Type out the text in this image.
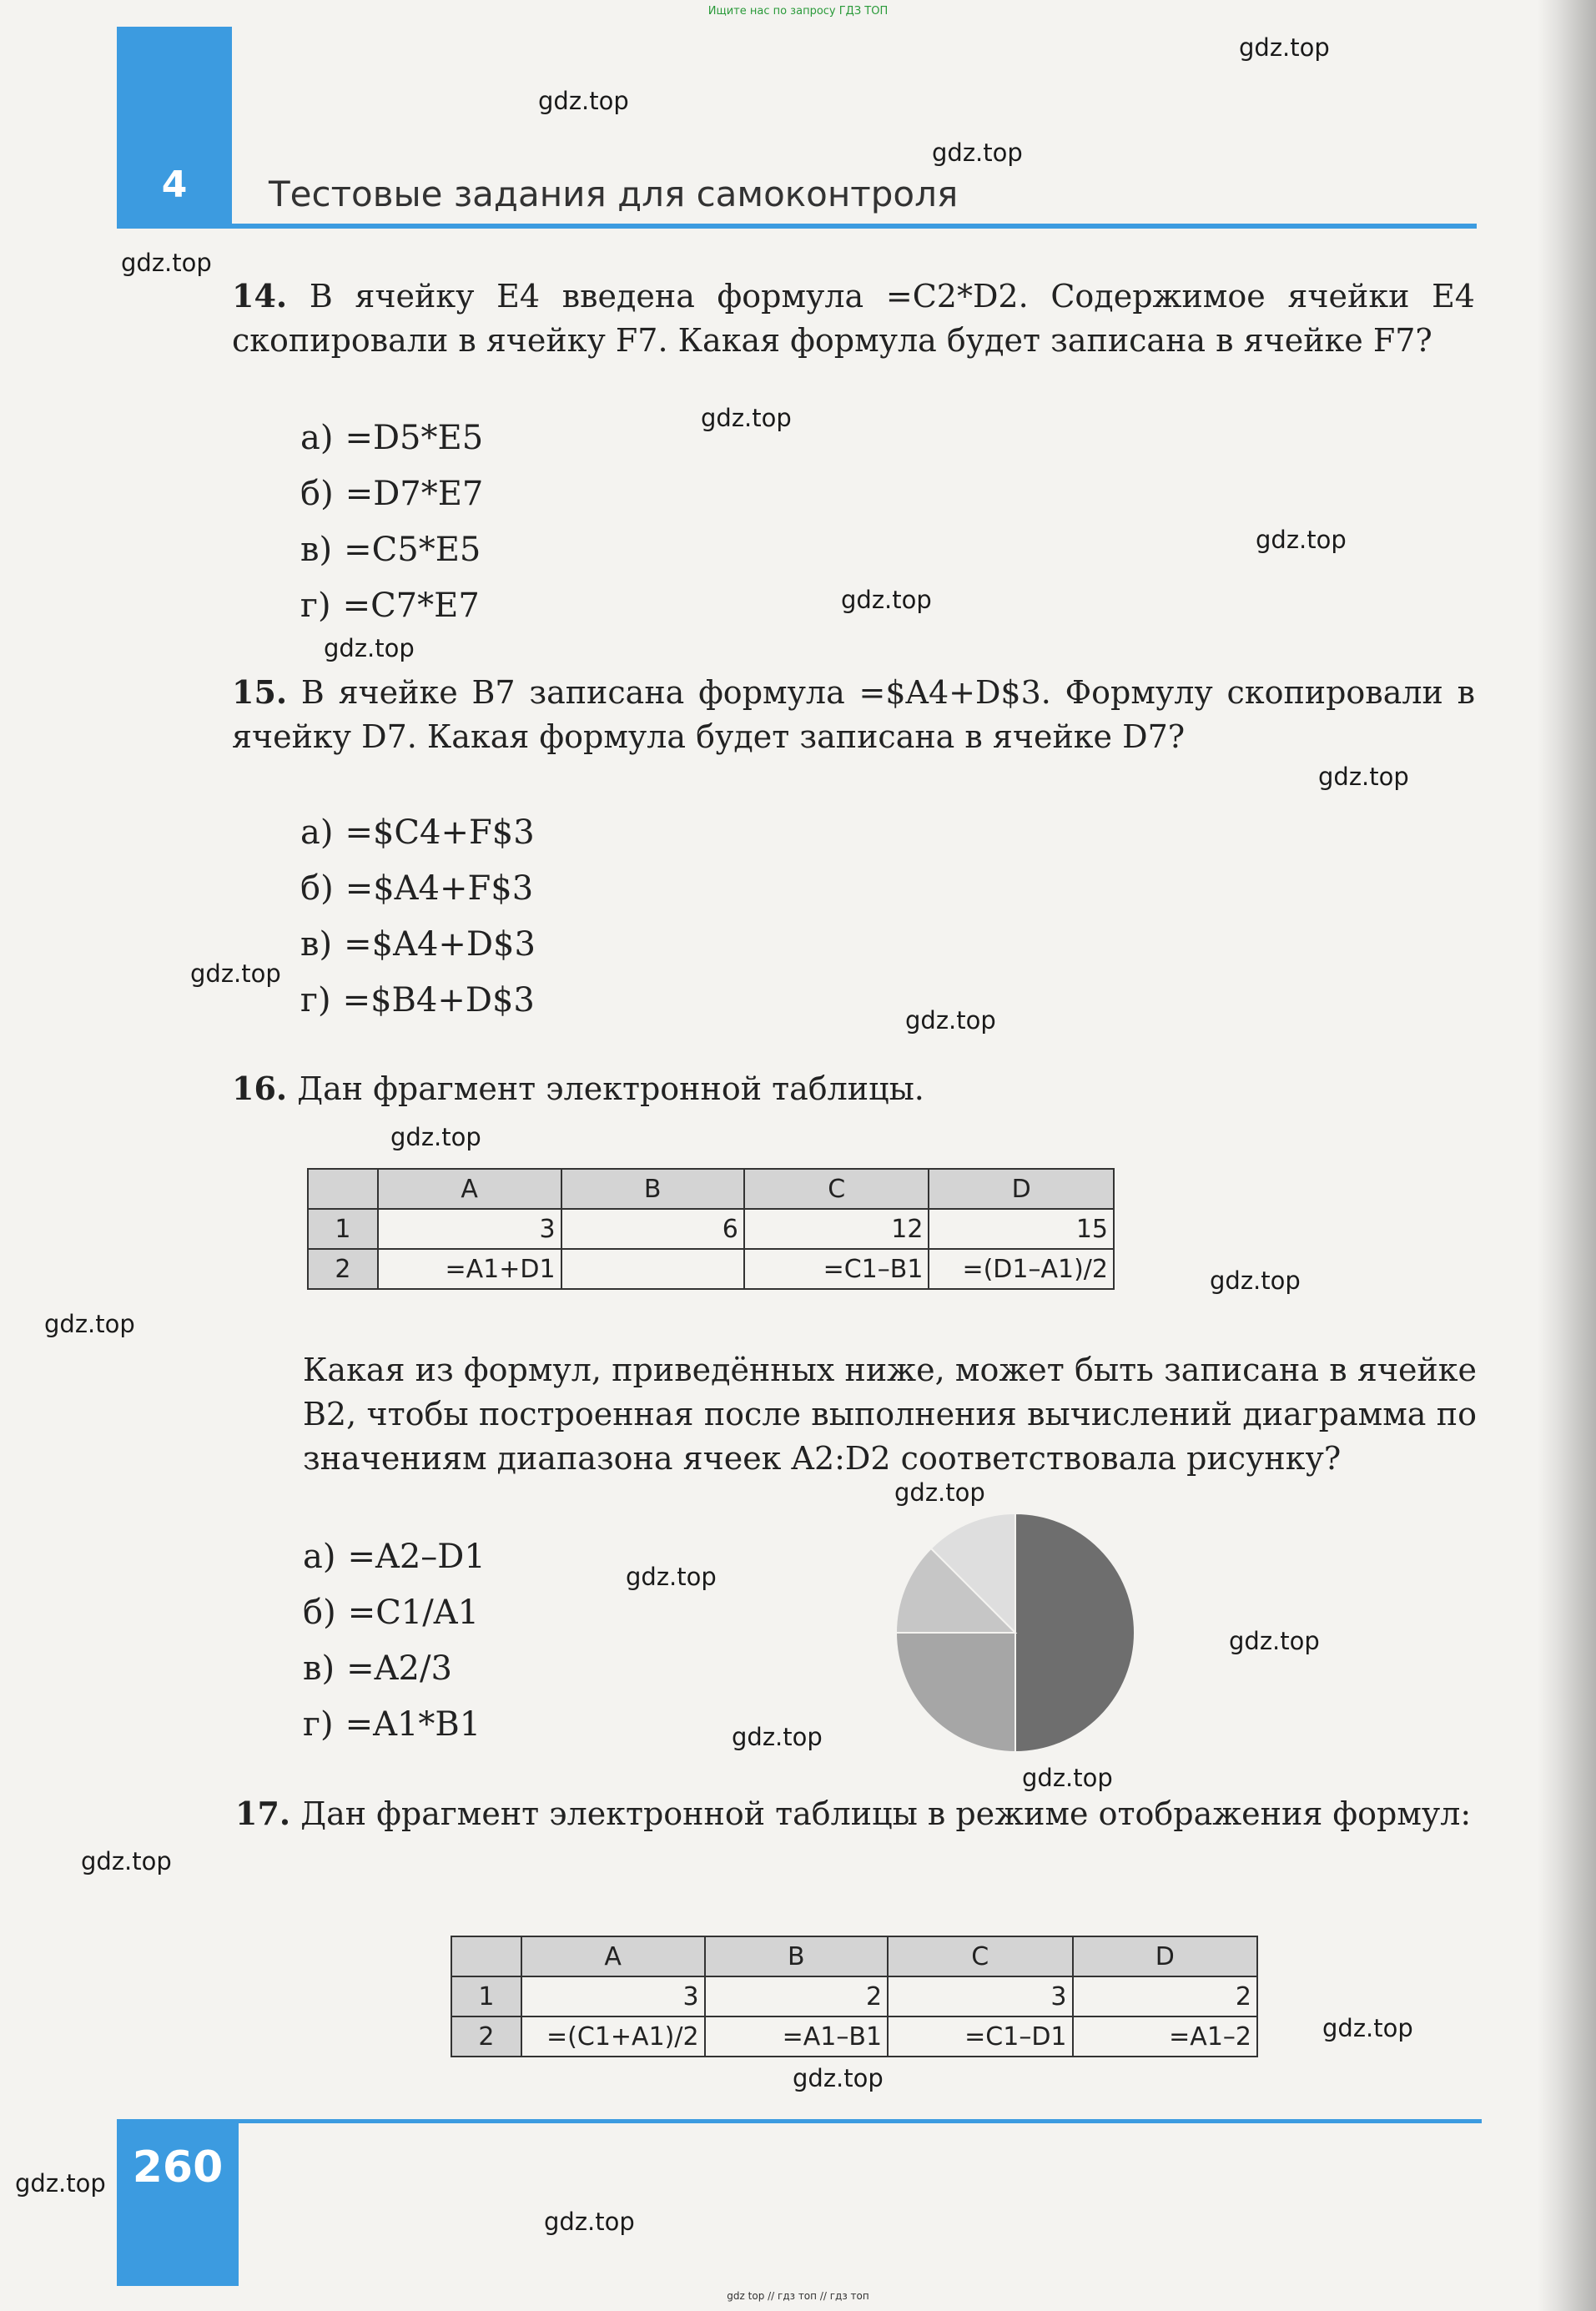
Ищите нас по запросу ГДЗ ТОП
4	Тестовые задания для самоконтроля
14. В ячейку E4 введена формула =C2*D2. Содержимое ячейки E4 скопировали в ячейку F7. Какая формула будет записана в ячейке F7?
а) =D5*E5
б) =D7*E7
в) =C5*E5
г) =C7*E7
15. В ячейке B7 записана формула =$A4+D$3. Формулу скопировали в ячейку D7. Какая формула будет записана в ячейке D7?
а) =$C4+F$3
б) =$A4+F$3
в) =$A4+D$3
г) =$B4+D$3
16. Дан фрагмент электронной таблицы.
	A	B	C	D
1	3	6	12	15
2	=A1+D1		=C1–B1	=(D1–A1)/2
Какая из формул, приведённых ниже, может быть записана в ячейке B2, чтобы построенная после выполнения вычислений диаграмма по значениям диапазона ячеек A2:D2 соответствовала рисунку?
а) =A2–D1
б) =C1/A1
в) =A2/3
г) =A1*B1
17. Дан фрагмент электронной таблицы в режиме отображения формул:
	A	B	C	D
1	3	2	3	2
2	=(C1+A1)/2	=A1–B1	=C1–D1	=A1–2
260
gdz.top
gdz.top
gdz.top
gdz.top
gdz.top
gdz.top
gdz.top
gdz.top
gdz.top
gdz.top
gdz.top
gdz.top
gdz.top
gdz.top
gdz.top
gdz.top
gdz.top
gdz.top
gdz.top
gdz.top
gdz.top
gdz.top
gdz.top
gdz.top
gdz top // гдз топ // гдз топ
